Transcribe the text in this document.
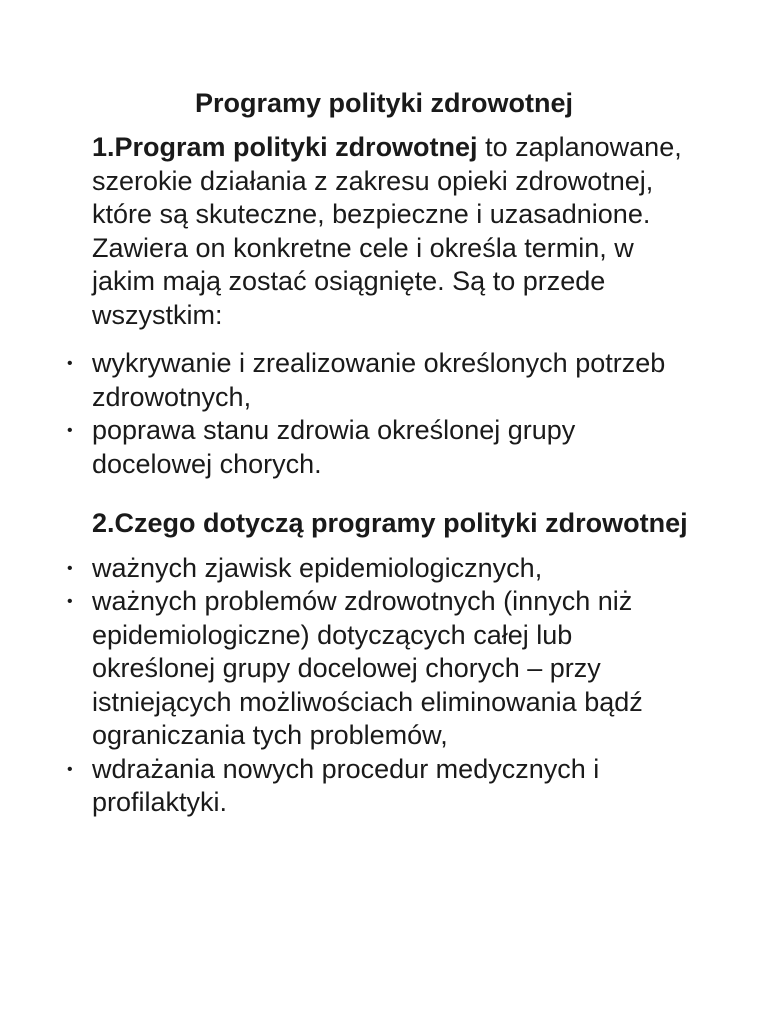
Programy polityki zdrowotnej

1.Program polityki zdrowotnej to zaplanowane, szerokie działania z zakresu opieki zdrowotnej, które są skuteczne, bezpieczne i uzasadnione. Zawiera on konkretne cele i określa termin, w jakim mają zostać osiągnięte. Są to przede wszystkim:

• wykrywanie i zrealizowanie określonych potrzeb zdrowotnych,
• poprawa stanu zdrowia określonej grupy docelowej chorych.
2.Czego dotyczą programy polityki zdrowotnej
• ważnych zjawisk epidemiologicznych,
• ważnych problemów zdrowotnych (innych niż epidemiologiczne) dotyczących całej lub określonej grupy docelowej chorych – przy istniejących możliwościach eliminowania bądź ograniczania tych problemów,
• wdrażania nowych procedur medycznych i profilaktyki.
